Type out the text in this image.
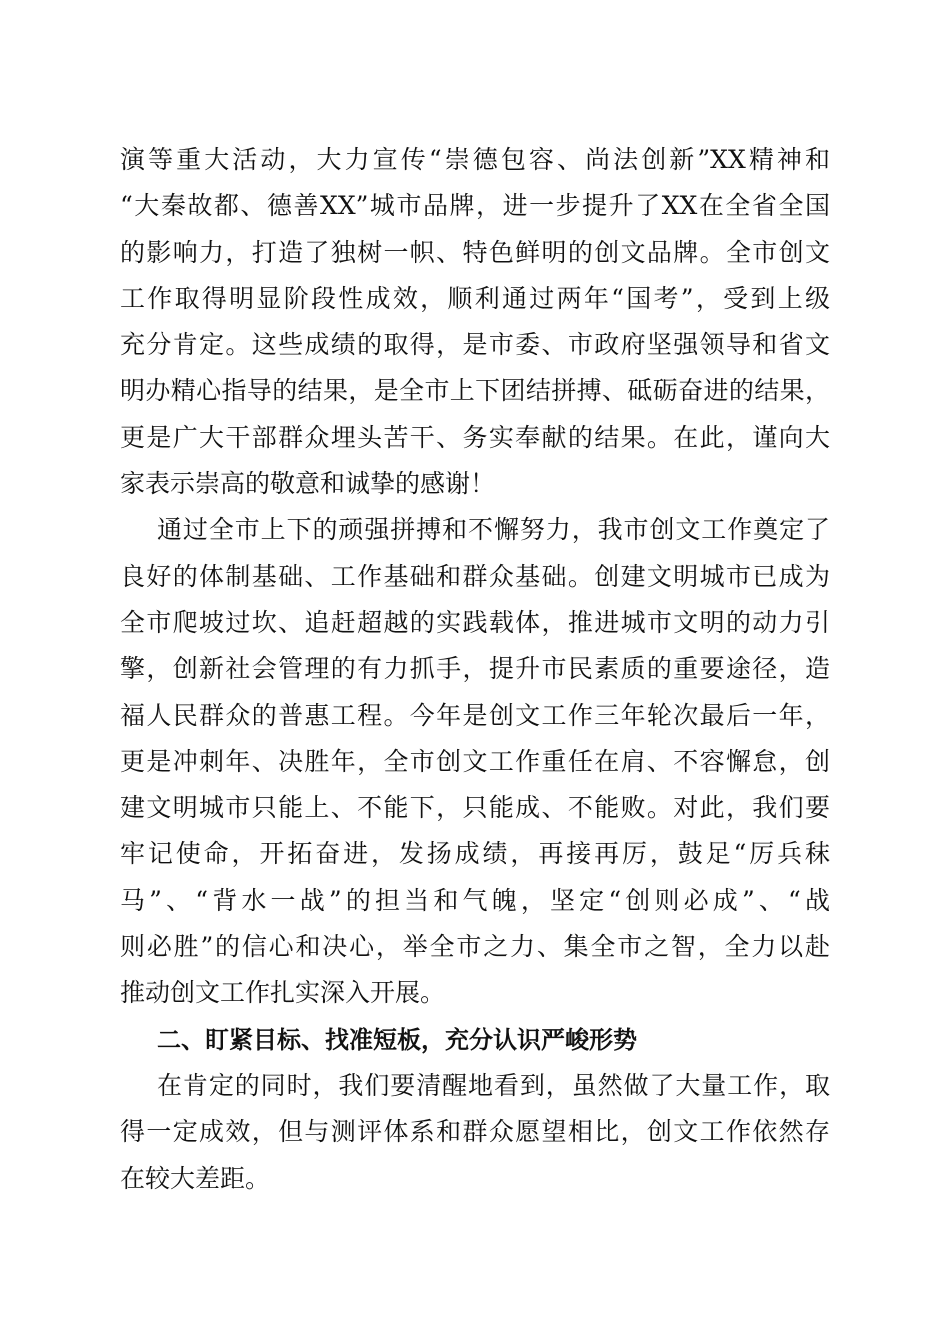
演等重大活动，大力宣传“崇德包容、尚法创新”XX精神和
“大秦故都、德善XX”城市品牌，进一步提升了XX在全省全国
的影响力，打造了独树一帜、特色鲜明的创文品牌。全市创文
工作取得明显阶段性成效，顺利通过两年“国考”，受到上级
充分肯定。这些成绩的取得，是市委、市政府坚强领导和省文
明办精心指导的结果，是全市上下团结拼搏、砥砺奋进的结果，
更是广大干部群众埋头苦干、务实奉献的结果。在此，谨向大
家表示崇高的敬意和诚挚的感谢！
通过全市上下的顽强拼搏和不懈努力，我市创文工作奠定了
良好的体制基础、工作基础和群众基础。创建文明城市已成为
全市爬坡过坎、追赶超越的实践载体，推进城市文明的动力引
擎，创新社会管理的有力抓手，提升市民素质的重要途径，造
福人民群众的普惠工程。今年是创文工作三年轮次最后一年，
更是冲刺年、决胜年，全市创文工作重任在肩、不容懈怠，创
建文明城市只能上、不能下，只能成、不能败。对此，我们要
牢记使命，开拓奋进，发扬成绩，再接再厉，鼓足“厉兵秣
马”、“背水一战”的担当和气魄，坚定“创则必成”、“战
则必胜”的信心和决心，举全市之力、集全市之智，全力以赴
推动创文工作扎实深入开展。
二、盯紧目标、找准短板，充分认识严峻形势
在肯定的同时，我们要清醒地看到，虽然做了大量工作，取
得一定成效，但与测评体系和群众愿望相比，创文工作依然存
在较大差距。
